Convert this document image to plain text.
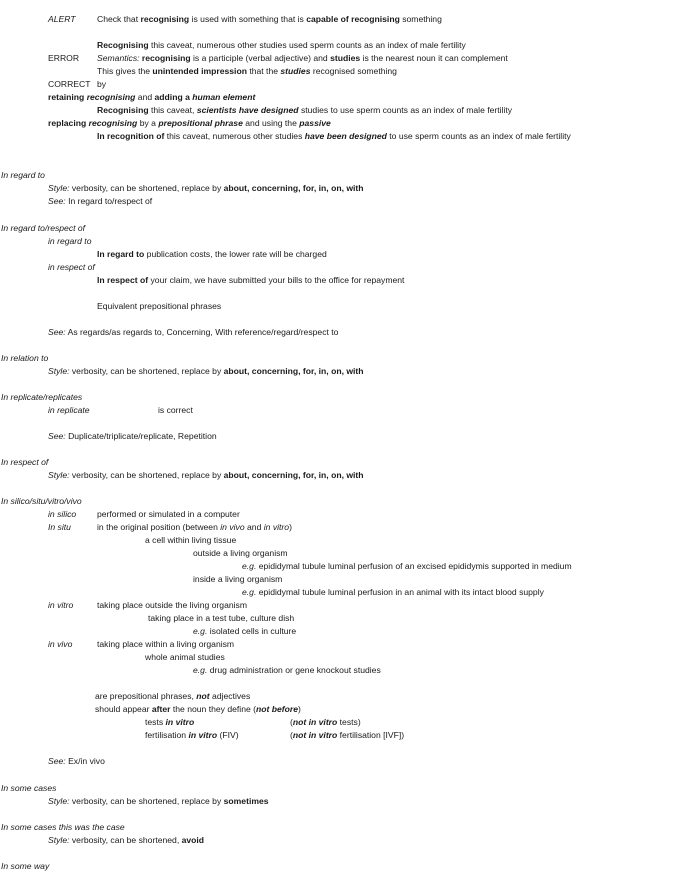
ALERT Check that recognising is used with something that is capable of recognising something
Recognising this caveat, numerous other studies used sperm counts as an index of male fertility
ERROR Semantics: recognising is a participle (verbal adjective) and studies is the nearest noun it can complement
This gives the unintended impression that the studies recognised something
CORRECT by
retaining recognising and adding a human element
Recognising this caveat, scientists have designed studies to use sperm counts as an index of male fertility
replacing recognising by a prepositional phrase and using the passive
In recognition of this caveat, numerous other studies have been designed to use sperm counts as an index of male fertility
In regard to
Style: verbosity, can be shortened, replace by about, concerning, for, in, on, with
See: In regard to/respect of
In regard to/respect of
in regard to
In regard to publication costs, the lower rate will be charged
in respect of
In respect of your claim, we have submitted your bills to the office for repayment
Equivalent prepositional phrases
See: As regards/as regards to, Concerning, With reference/regard/respect to
In relation to
Style: verbosity, can be shortened, replace by about, concerning, for, in, on, with
In replicate/replicates
in replicate	is correct
See: Duplicate/triplicate/replicate, Repetition
In respect of
Style: verbosity, can be shortened, replace by about, concerning, for, in, on, with
In silico/situ/vitro/vivo
in silico performed or simulated in a computer
In situ	in the original position (between in vivo and in vitro)
a cell within living tissue
outside a living organism
e.g. epididymal tubule luminal perfusion of an excised epididymis supported in medium
inside a living organism
e.g. epididymal tubule luminal perfusion in an animal with its intact blood supply
in vitro	taking place outside the living organism
taking place in a test tube, culture dish
e.g. isolated cells in culture
in vivo	taking place within a living organism
whole animal studies
e.g. drug administration or gene knockout studies
are prepositional phrases, not adjectives
should appear after the noun they define (not before)
tests in vitro	(not in vitro tests)
fertilisation in vitro (FIV)	(not in vitro fertilisation [IVF])
See: Ex/in vivo
In some cases
Style: verbosity, can be shortened, replace by sometimes
In some cases this was the case
Style: verbosity, can be shortened, avoid
In some way
